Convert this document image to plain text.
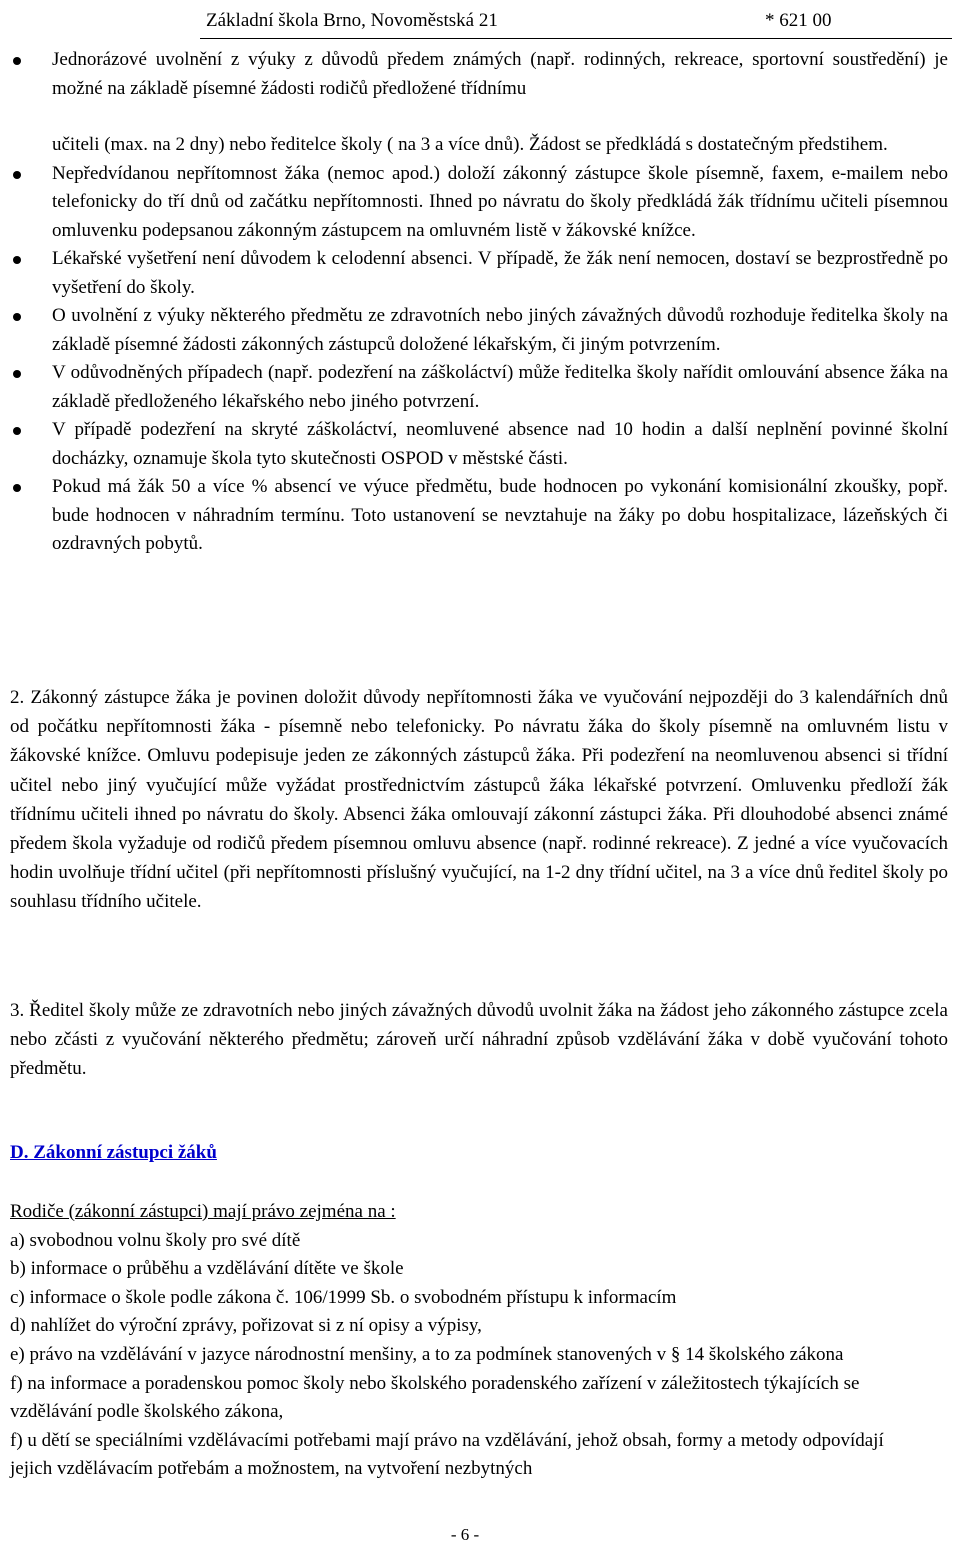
Základní škola Brno, Novoměstská 21	* 621 00
Jednorázové uvolnění z výuky z důvodů předem známých (např. rodinných, rekreace, sportovní soustředění) je možné na základě písemné žádosti rodičů předložené třídnímu
učiteli (max. na 2 dny) nebo ředitelce školy ( na 3 a více dnů). Žádost se předkládá s dostatečným předstihem.
Nepředvídanou nepřítomnost žáka (nemoc apod.) doloží zákonný zástupce škole písemně, faxem, e-mailem nebo telefonicky do tří dnů od začátku nepřítomnosti. Ihned po návratu do školy předkládá žák třídnímu učiteli písemnou omluvenku podepsanou zákonným zástupcem na omluvném listě v žákovské knížce.
Lékařské vyšetření není důvodem k celodenní absenci. V případě, že žák není nemocen, dostaví se bezprostředně po vyšetření do školy.
O uvolnění z výuky některého předmětu ze zdravotních nebo jiných závažných důvodů rozhoduje ředitelka školy na základě písemné žádosti zákonných zástupců doložené lékařským, či jiným potvrzením.
V odůvodněných případech (např. podezření na záškoláctví) může ředitelka školy nařídit omlouvání absence žáka na základě předloženého lékařského nebo jiného potvrzení.
V případě podezření na skryté záškoláctví, neomluvené absence nad 10 hodin a další neplnění povinné školní docházky, oznamuje škola tyto skutečnosti OSPOD v městské části.
Pokud má žák 50 a více % absencí ve výuce předmětu, bude hodnocen po vykonání komisionální zkoušky, popř. bude hodnocen v náhradním termínu. Toto ustanovení se nevztahuje na žáky po dobu hospitalizace, lázeňských či ozdravných pobytů.
2. Zákonný zástupce žáka je povinen doložit důvody nepřítomnosti žáka ve vyučování nejpozději do 3 kalendářních dnů od počátku nepřítomnosti žáka - písemně nebo telefonicky. Po návratu žáka do školy písemně na omluvném listu v žákovské knížce. Omluvu podepisuje jeden ze zákonných zástupců žáka. Při podezření na neomluvenou absenci si třídní učitel nebo jiný vyučující může vyžádat prostřednictvím zástupců žáka lékařské potvrzení. Omluvenku předloží žák třídnímu učiteli ihned po návratu do školy. Absenci žáka omlouvají zákonní zástupci žáka. Při dlouhodobé absenci známé předem škola vyžaduje od rodičů předem písemnou omluvu absence (např. rodinné rekreace). Z jedné a více vyučovacích hodin uvolňuje třídní učitel (při nepřítomnosti příslušný vyučující, na 1-2 dny třídní učitel, na 3 a více dnů ředitel školy po souhlasu třídního učitele.
3. Ředitel školy může ze zdravotních nebo jiných závažných důvodů uvolnit žáka na žádost jeho zákonného zástupce zcela nebo zčásti z vyučování některého předmětu; zároveň určí náhradní způsob vzdělávání žáka v době vyučování tohoto předmětu.
D. Zákonní zástupci žáků
Rodiče (zákonní zástupci) mají právo zejména na :
a) svobodnou volnu školy pro své dítě
b) informace o průběhu a vzdělávání dítěte ve škole
c) informace o škole podle zákona č. 106/1999 Sb. o svobodném přístupu k informacím
d) nahlížet do výroční zprávy, pořizovat si z ní opisy a výpisy,
e) právo na vzdělávání v jazyce národnostní menšiny, a to za podmínek stanovených v § 14 školského zákona
f) na informace a poradenskou pomoc školy nebo školského poradenského zařízení v záležitostech týkajících se vzdělávání podle školského zákona,
f) u dětí se speciálními vzdělávacími potřebami mají právo na vzdělávání, jehož obsah, formy a metody odpovídají jejich vzdělávacím potřebám a možnostem, na vytvoření nezbytných
- 6 -
